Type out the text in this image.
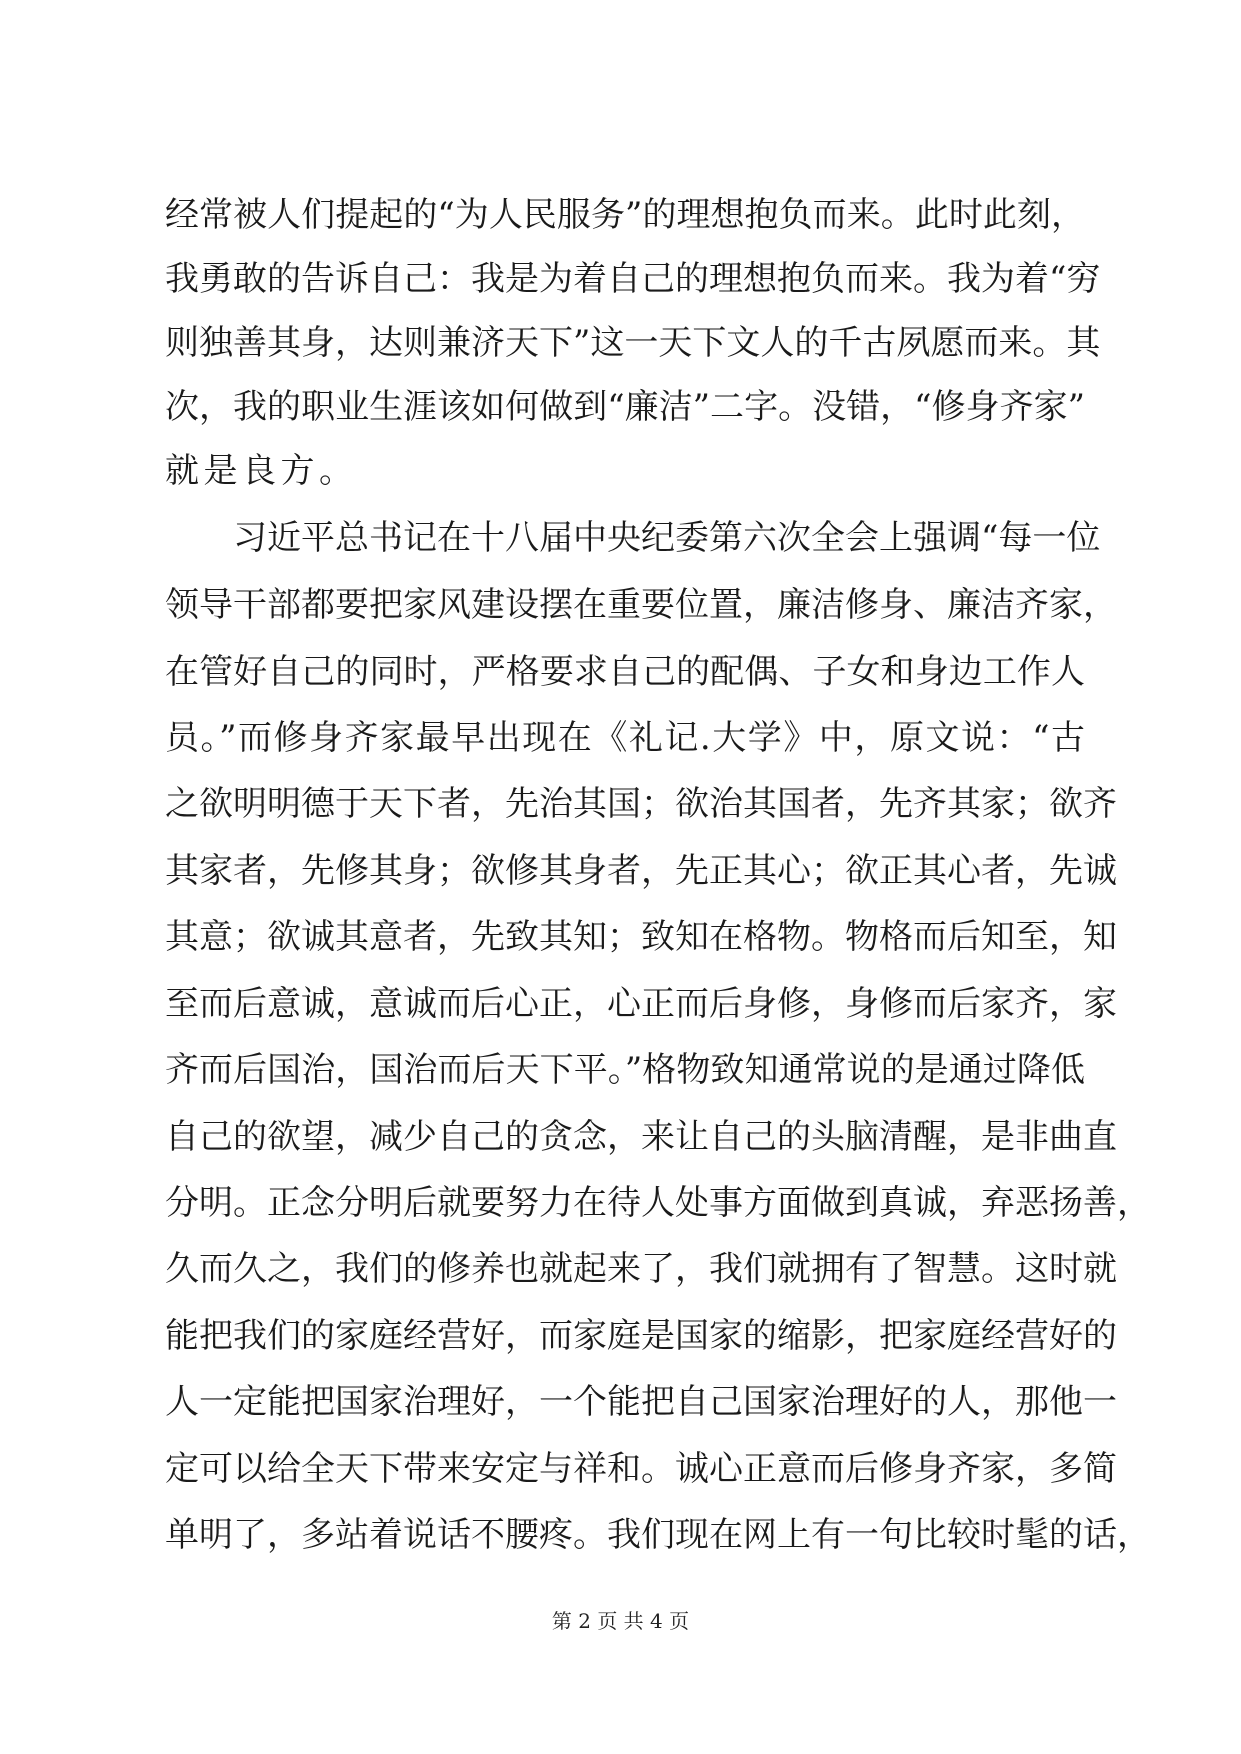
经常被人们提起的“为人民服务”的理想抱负而来。此时此刻，
我勇敢的告诉自己：我是为着自己的理想抱负而来。我为着“穷
则独善其身，达则兼济天下”这一天下文人的千古夙愿而来。其
次，我的职业生涯该如何做到“廉洁”二字。没错，“修身齐家”
就是良方。
习近平总书记在十八届中央纪委第六次全会上强调“每一位
领导干部都要把家风建设摆在重要位置，廉洁修身、廉洁齐家，
在管好自己的同时，严格要求自己的配偶、子女和身边工作人
员。”而修身齐家最早出现在《礼记.大学》中，原文说：“古
之欲明明德于天下者，先治其国；欲治其国者，先齐其家；欲齐
其家者，先修其身；欲修其身者，先正其心；欲正其心者，先诚
其意；欲诚其意者，先致其知；致知在格物。物格而后知至，知
至而后意诚，意诚而后心正，心正而后身修，身修而后家齐，家
齐而后国治，国治而后天下平。”格物致知通常说的是通过降低
自己的欲望，减少自己的贪念，来让自己的头脑清醒，是非曲直
分明。正念分明后就要努力在待人处事方面做到真诚，弃恶扬善，
久而久之，我们的修养也就起来了，我们就拥有了智慧。这时就
能把我们的家庭经营好，而家庭是国家的缩影，把家庭经营好的
人一定能把国家治理好，一个能把自己国家治理好的人，那他一
定可以给全天下带来安定与祥和。诚心正意而后修身齐家，多简
单明了，多站着说话不腰疼。我们现在网上有一句比较时髦的话，
第 2 页 共 4 页
